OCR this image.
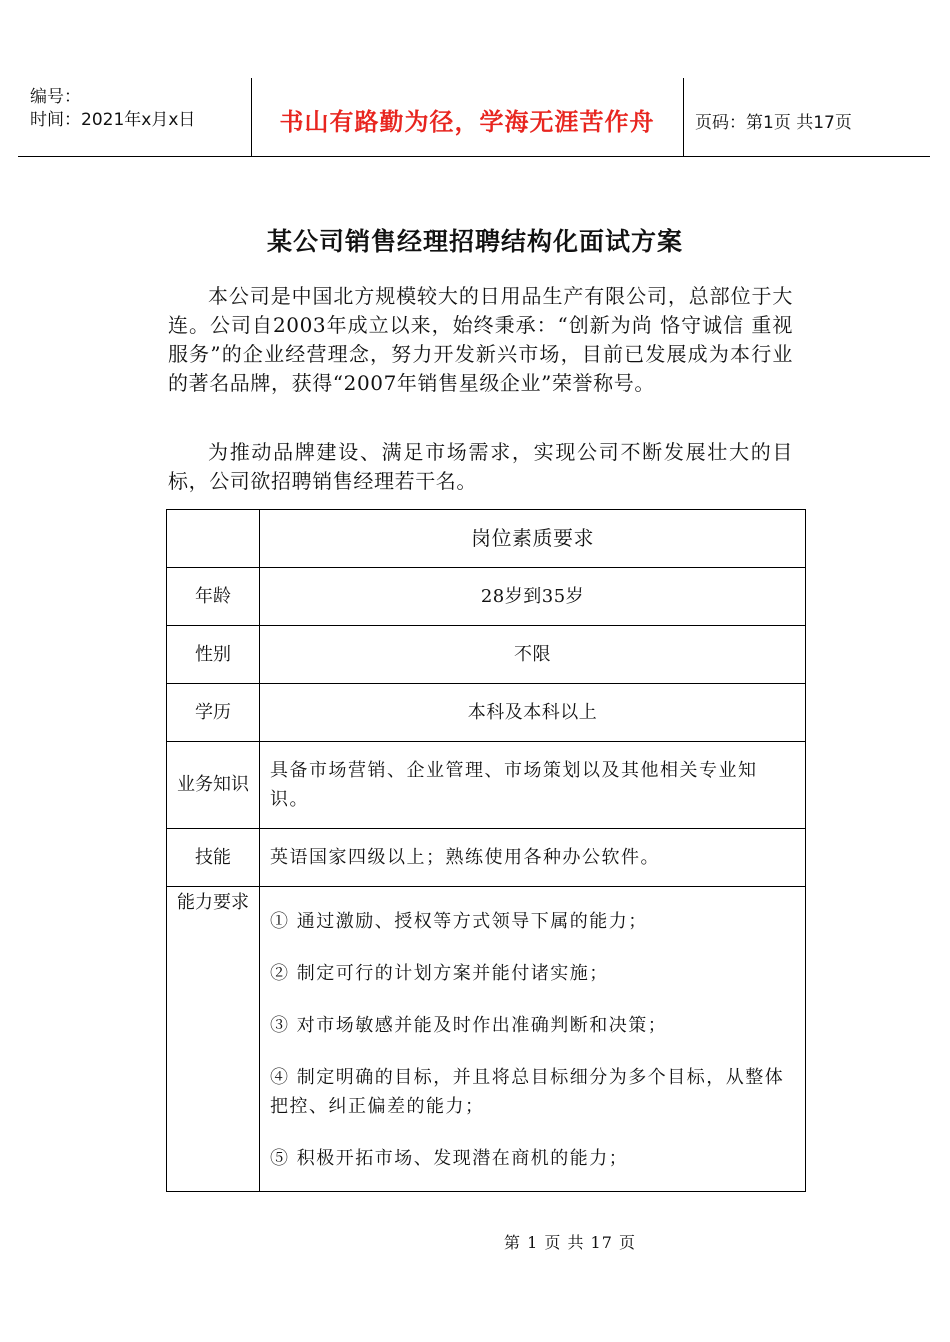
编号：
时间：2021年x月x日	书山有路勤为径，学海无涯苦作舟	页码：第1页 共17页
某公司销售经理招聘结构化面试方案

本公司是中国北方规模较大的日用品生产有限公司，总部位于大连。公司自2003年成立以来，始终秉承：“创新为尚 恪守诚信 重视服务”的企业经营理念，努力开发新兴市场，目前已发展成为本行业的著名品牌，获得“2007年销售星级企业”荣誉称号。

为推动品牌建设、满足市场需求，实现公司不断发展壮大的目标，公司欲招聘销售经理若干名。

	岗位素质要求
年龄	28岁到35岁
性别	不限
学历	本科及本科以上
业务知识	具备市场营销、企业管理、市场策划以及其他相关专业知识。
技能	英语国家四级以上；熟练使用各种办公软件。
能力要求	① 通过激励、授权等方式领导下属的能力；

② 制定可行的计划方案并能付诸实施；

③ 对市场敏感并能及时作出准确判断和决策；

④ 制定明确的目标，并且将总目标细分为多个目标，从整体把控、纠正偏差的能力；

⑤ 积极开拓市场、发现潜在商机的能力；

第 1 页 共 17 页
